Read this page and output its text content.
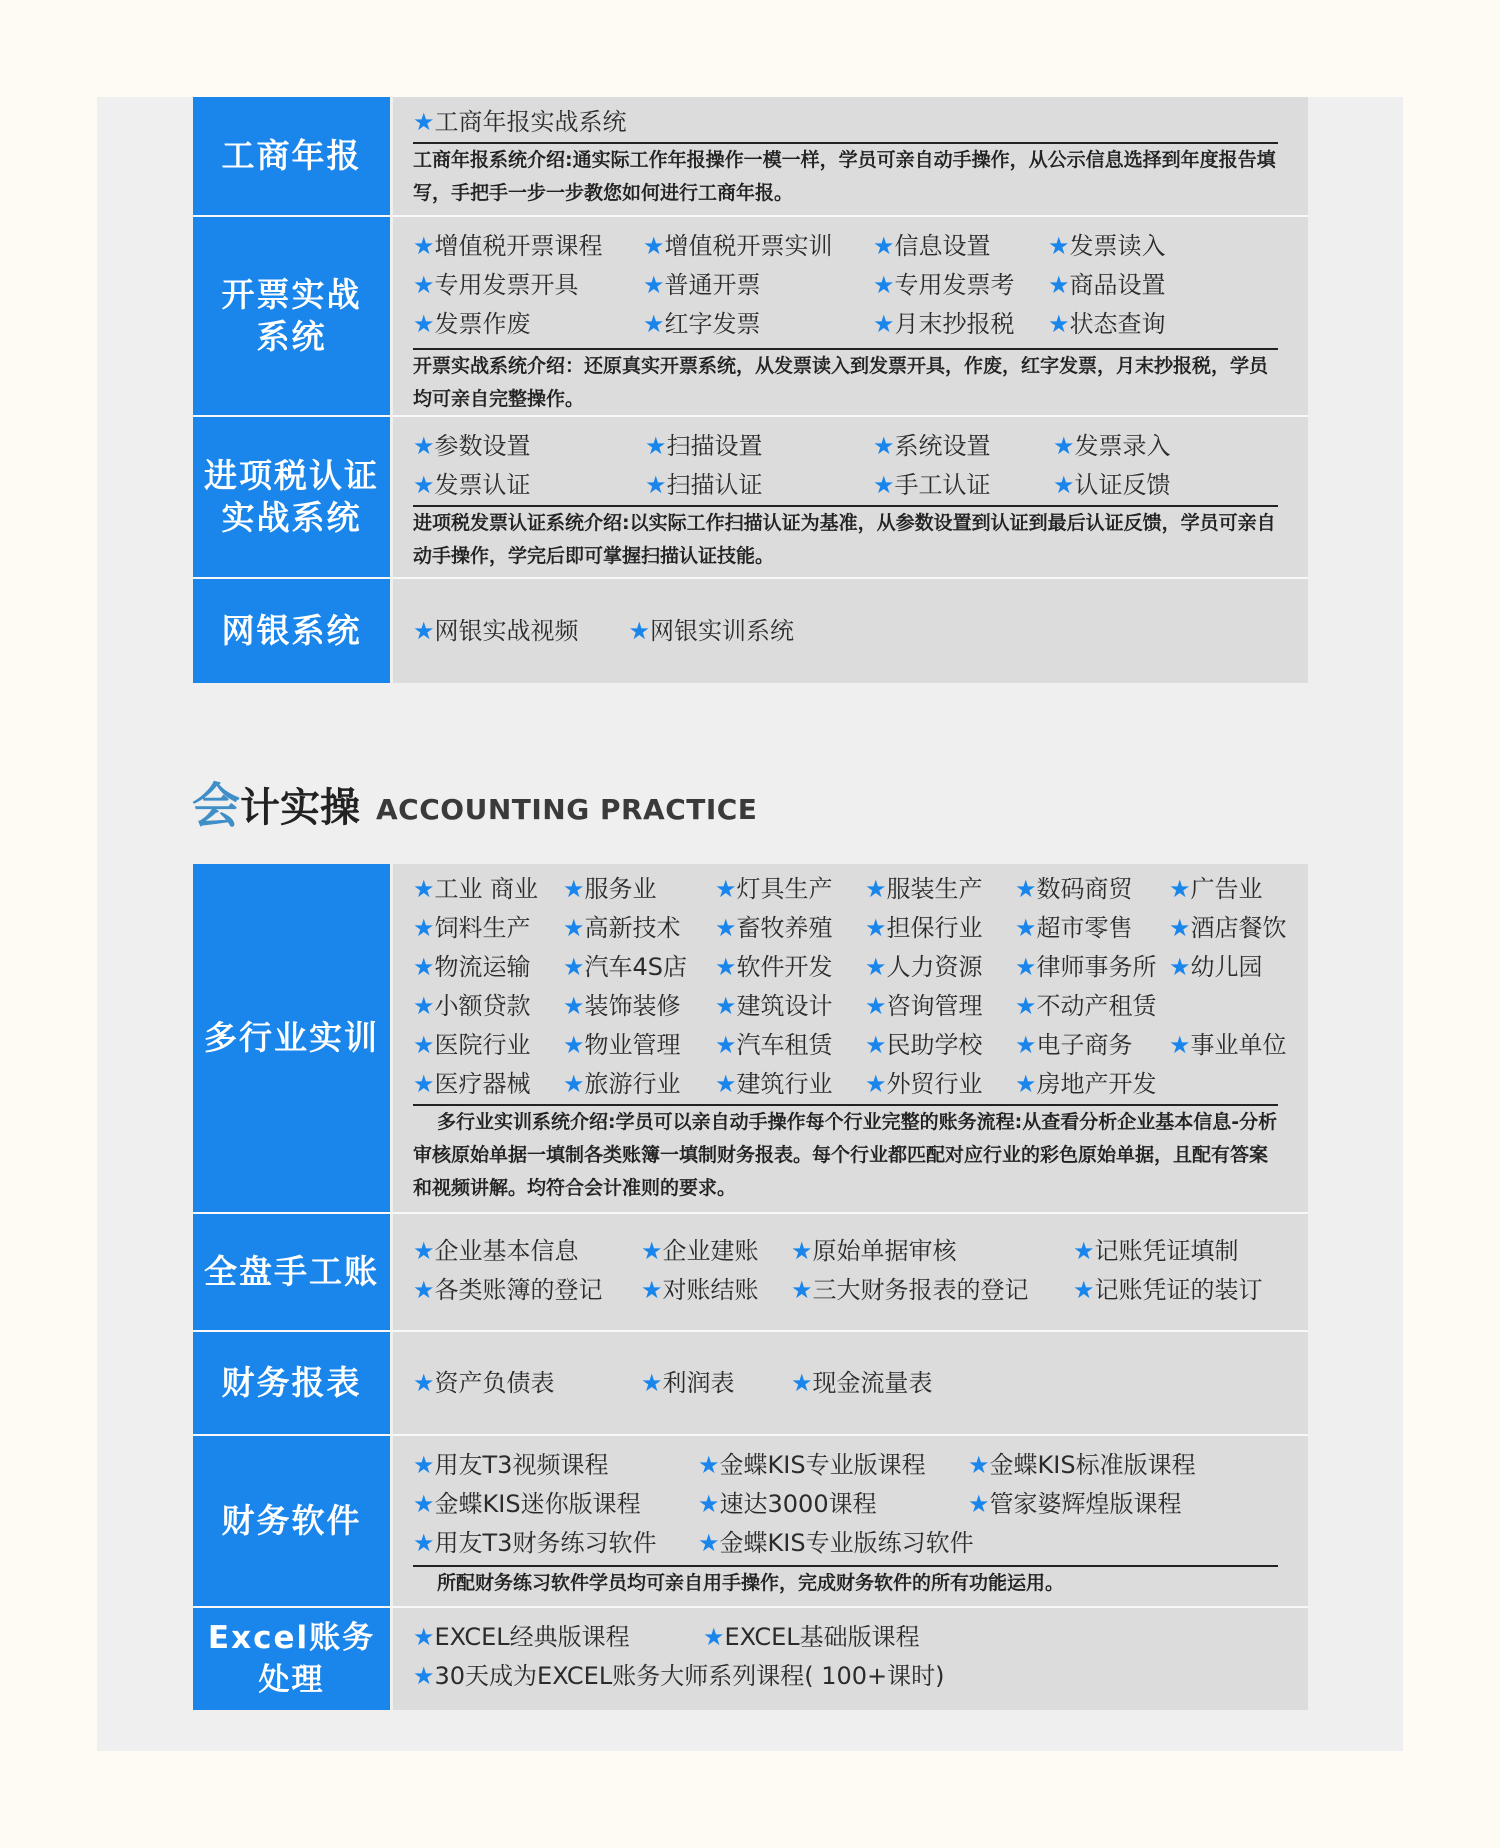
工商年报
★工商年报实战系统
工商年报系统介绍:通实际工作年报操作一模一样，学员可亲自动手操作，从公示信息选择到年度报告填写，手把手一步一步教您如何进行工商年报。
开票实战
系统
★增值税开票课程	★增值税开票实训	★信息设置	★发票读入
★专用发票开具	★普通开票	★专用发票考	★商品设置
★发票作废	★红字发票	★月末抄报税	★状态查询
开票实战系统介绍：还原真实开票系统，从发票读入到发票开具，作废，红字发票，月末抄报税，学员均可亲自完整操作。
进项税认证
实战系统
★参数设置	★扫描设置	★系统设置	★发票录入
★发票认证	★扫描认证	★手工认证	★认证反馈
进项税发票认证系统介绍:以实际工作扫描认证为基准，从参数设置到认证到最后认证反馈，学员可亲自动手操作，学完后即可掌握扫描认证技能。
网银系统	★网银实战视频 ★网银实训系统
会 计实操 ACCOUNTING PRACTICE
多行业实训
★工业 商业	★服务业	★灯具生产	★服装生产	★数码商贸	★广告业
★饲料生产	★高新技术	★畜牧养殖	★担保行业	★超市零售	★酒店餐饮
★物流运输	★汽车4S店	★软件开发	★人力资源	★律师事务所 ★幼儿园
★小额贷款	★装饰装修	★建筑设计	★咨询管理	★不动产租赁
★医院行业	★物业管理	★汽车租赁	★民助学校	★电子商务	★事业单位
★医疗器械	★旅游行业	★建筑行业	★外贸行业	★房地产开发
多行业实训系统介绍:学员可以亲自动手操作每个行业完整的账务流程:从查看分析企业基本信息-分析审核原始单据一填制各类账簿一填制财务报表。每个行业都匹配对应行业的彩色原始单据，且配有答案和视频讲解。均符合会计准则的要求。
全盘手工账
★企业基本信息	★企业建账	★原始单据审核	★记账凭证填制
★各类账簿的登记	★对账结账	★三大财务报表的登记	★记账凭证的装订
财务报表	★资产负债表	★利润表	★现金流量表
财务软件
★用友T3视频课程	★金蝶KIS专业版课程	★金蝶KIS标准版课程
★金蝶KIS迷你版课程	★速达3000课程	★管家婆辉煌版课程
★用友T3财务练习软件	★金蝶KIS专业版练习软件
所配财务练习软件学员均可亲自用手操作，完成财务软件的所有功能运用。
Excel账务
处理
★EXCEL经典版课程	★EXCEL基础版课程
★30天成为EXCEL账务大师系列课程( 100+课时)
